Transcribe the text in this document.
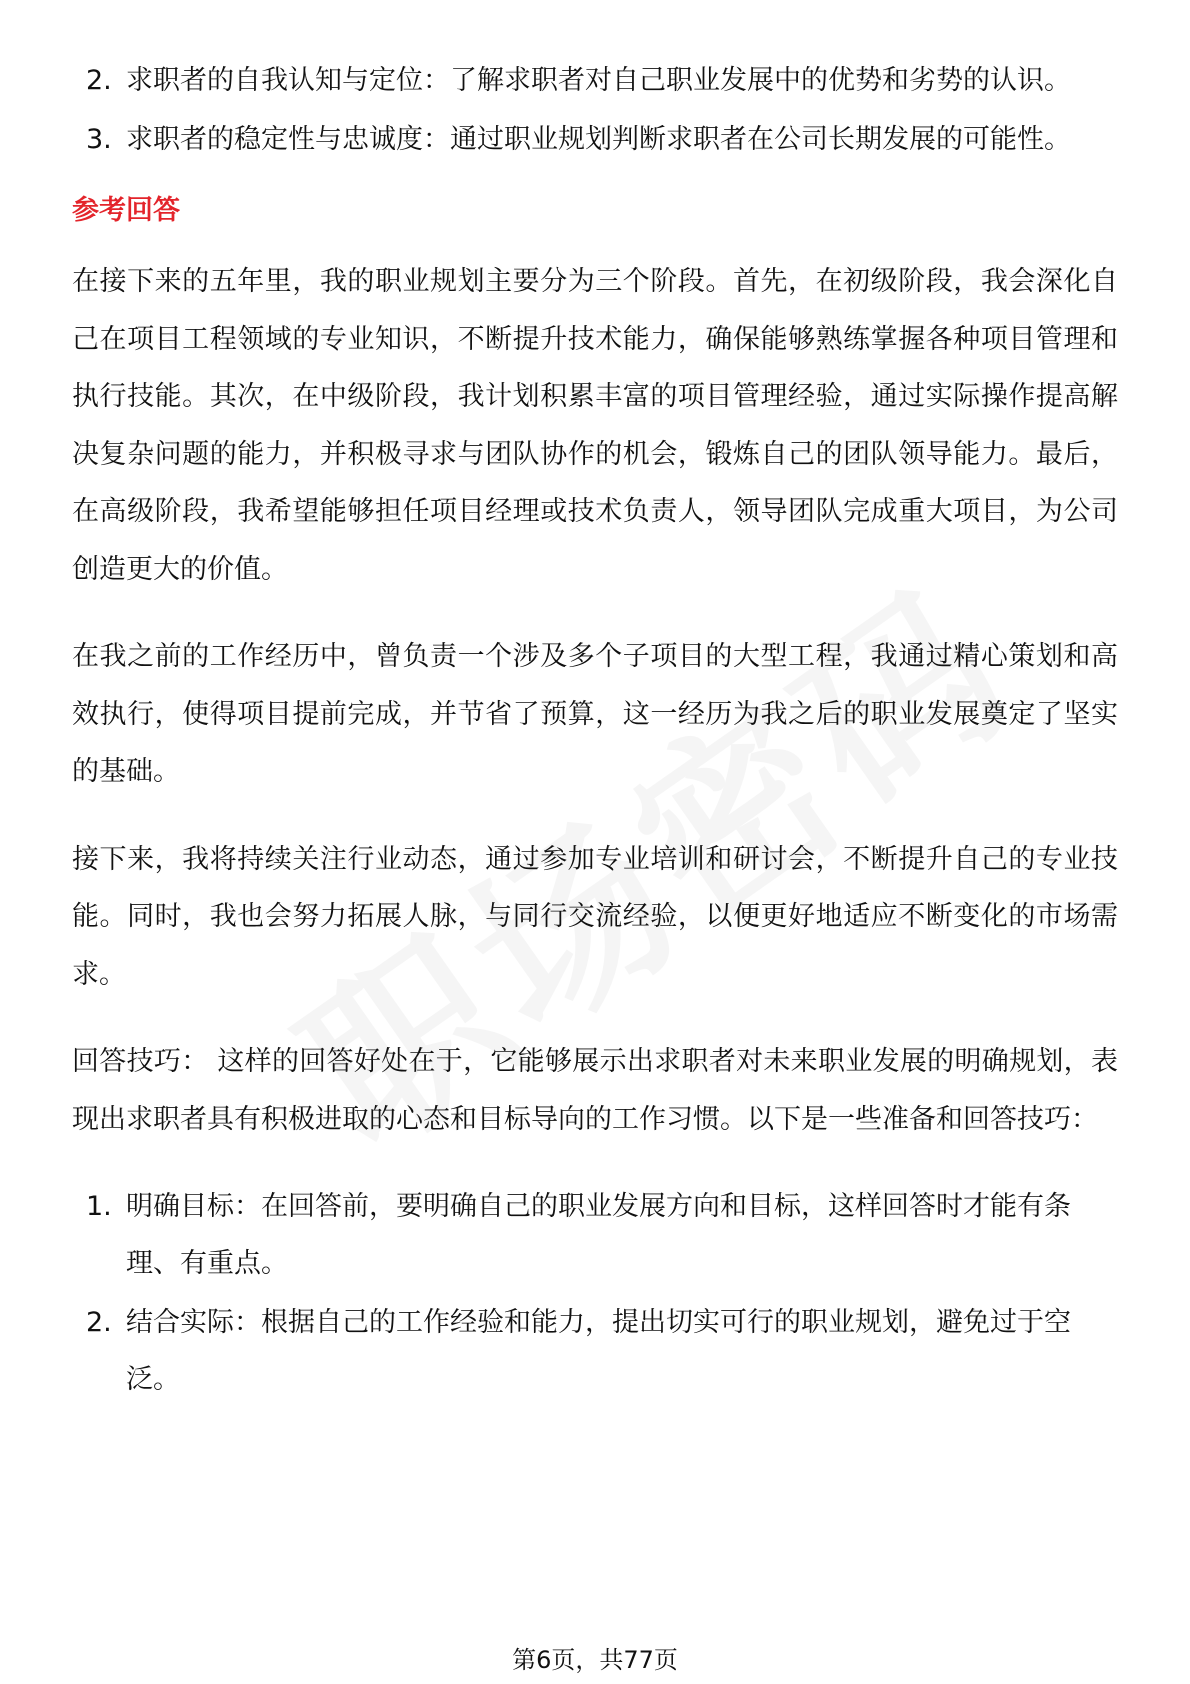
2. 求职者的自我认知与定位：了解求职者对自己职业发展中的优势和劣势的认识。
3. 求职者的稳定性与忠诚度：通过职业规划判断求职者在公司长期发展的可能性。
参考回答

在接下来的五年里，我的职业规划主要分为三个阶段。首先，在初级阶段，我会深化自己在项目工程领域的专业知识，不断提升技术能力，确保能够熟练掌握各种项目管理和执行技能。其次，在中级阶段，我计划积累丰富的项目管理经验，通过实际操作提高解决复杂问题的能力，并积极寻求与团队协作的机会，锻炼自己的团队领导能力。最后，在高级阶段，我希望能够担任项目经理或技术负责人，领导团队完成重大项目，为公司创造更大的价值。

在我之前的工作经历中，曾负责一个涉及多个子项目的大型工程，我通过精心策划和高效执行，使得项目提前完成，并节省了预算，这一经历为我之后的职业发展奠定了坚实的基础。

接下来，我将持续关注行业动态，通过参加专业培训和研讨会，不断提升自己的专业技能。同时，我也会努力拓展人脉，与同行交流经验，以便更好地适应不断变化的市场需求。

回答技巧： 这样的回答好处在于，它能够展示出求职者对未来职业发展的明确规划，表现出求职者具有积极进取的心态和目标导向的工作习惯。以下是一些准备和回答技巧：

1. 明确目标：在回答前，要明确自己的职业发展方向和目标，这样回答时才能有条理、有重点。
2. 结合实际：根据自己的工作经验和能力，提出切实可行的职业规划，避免过于空泛。
第6页，共77页
